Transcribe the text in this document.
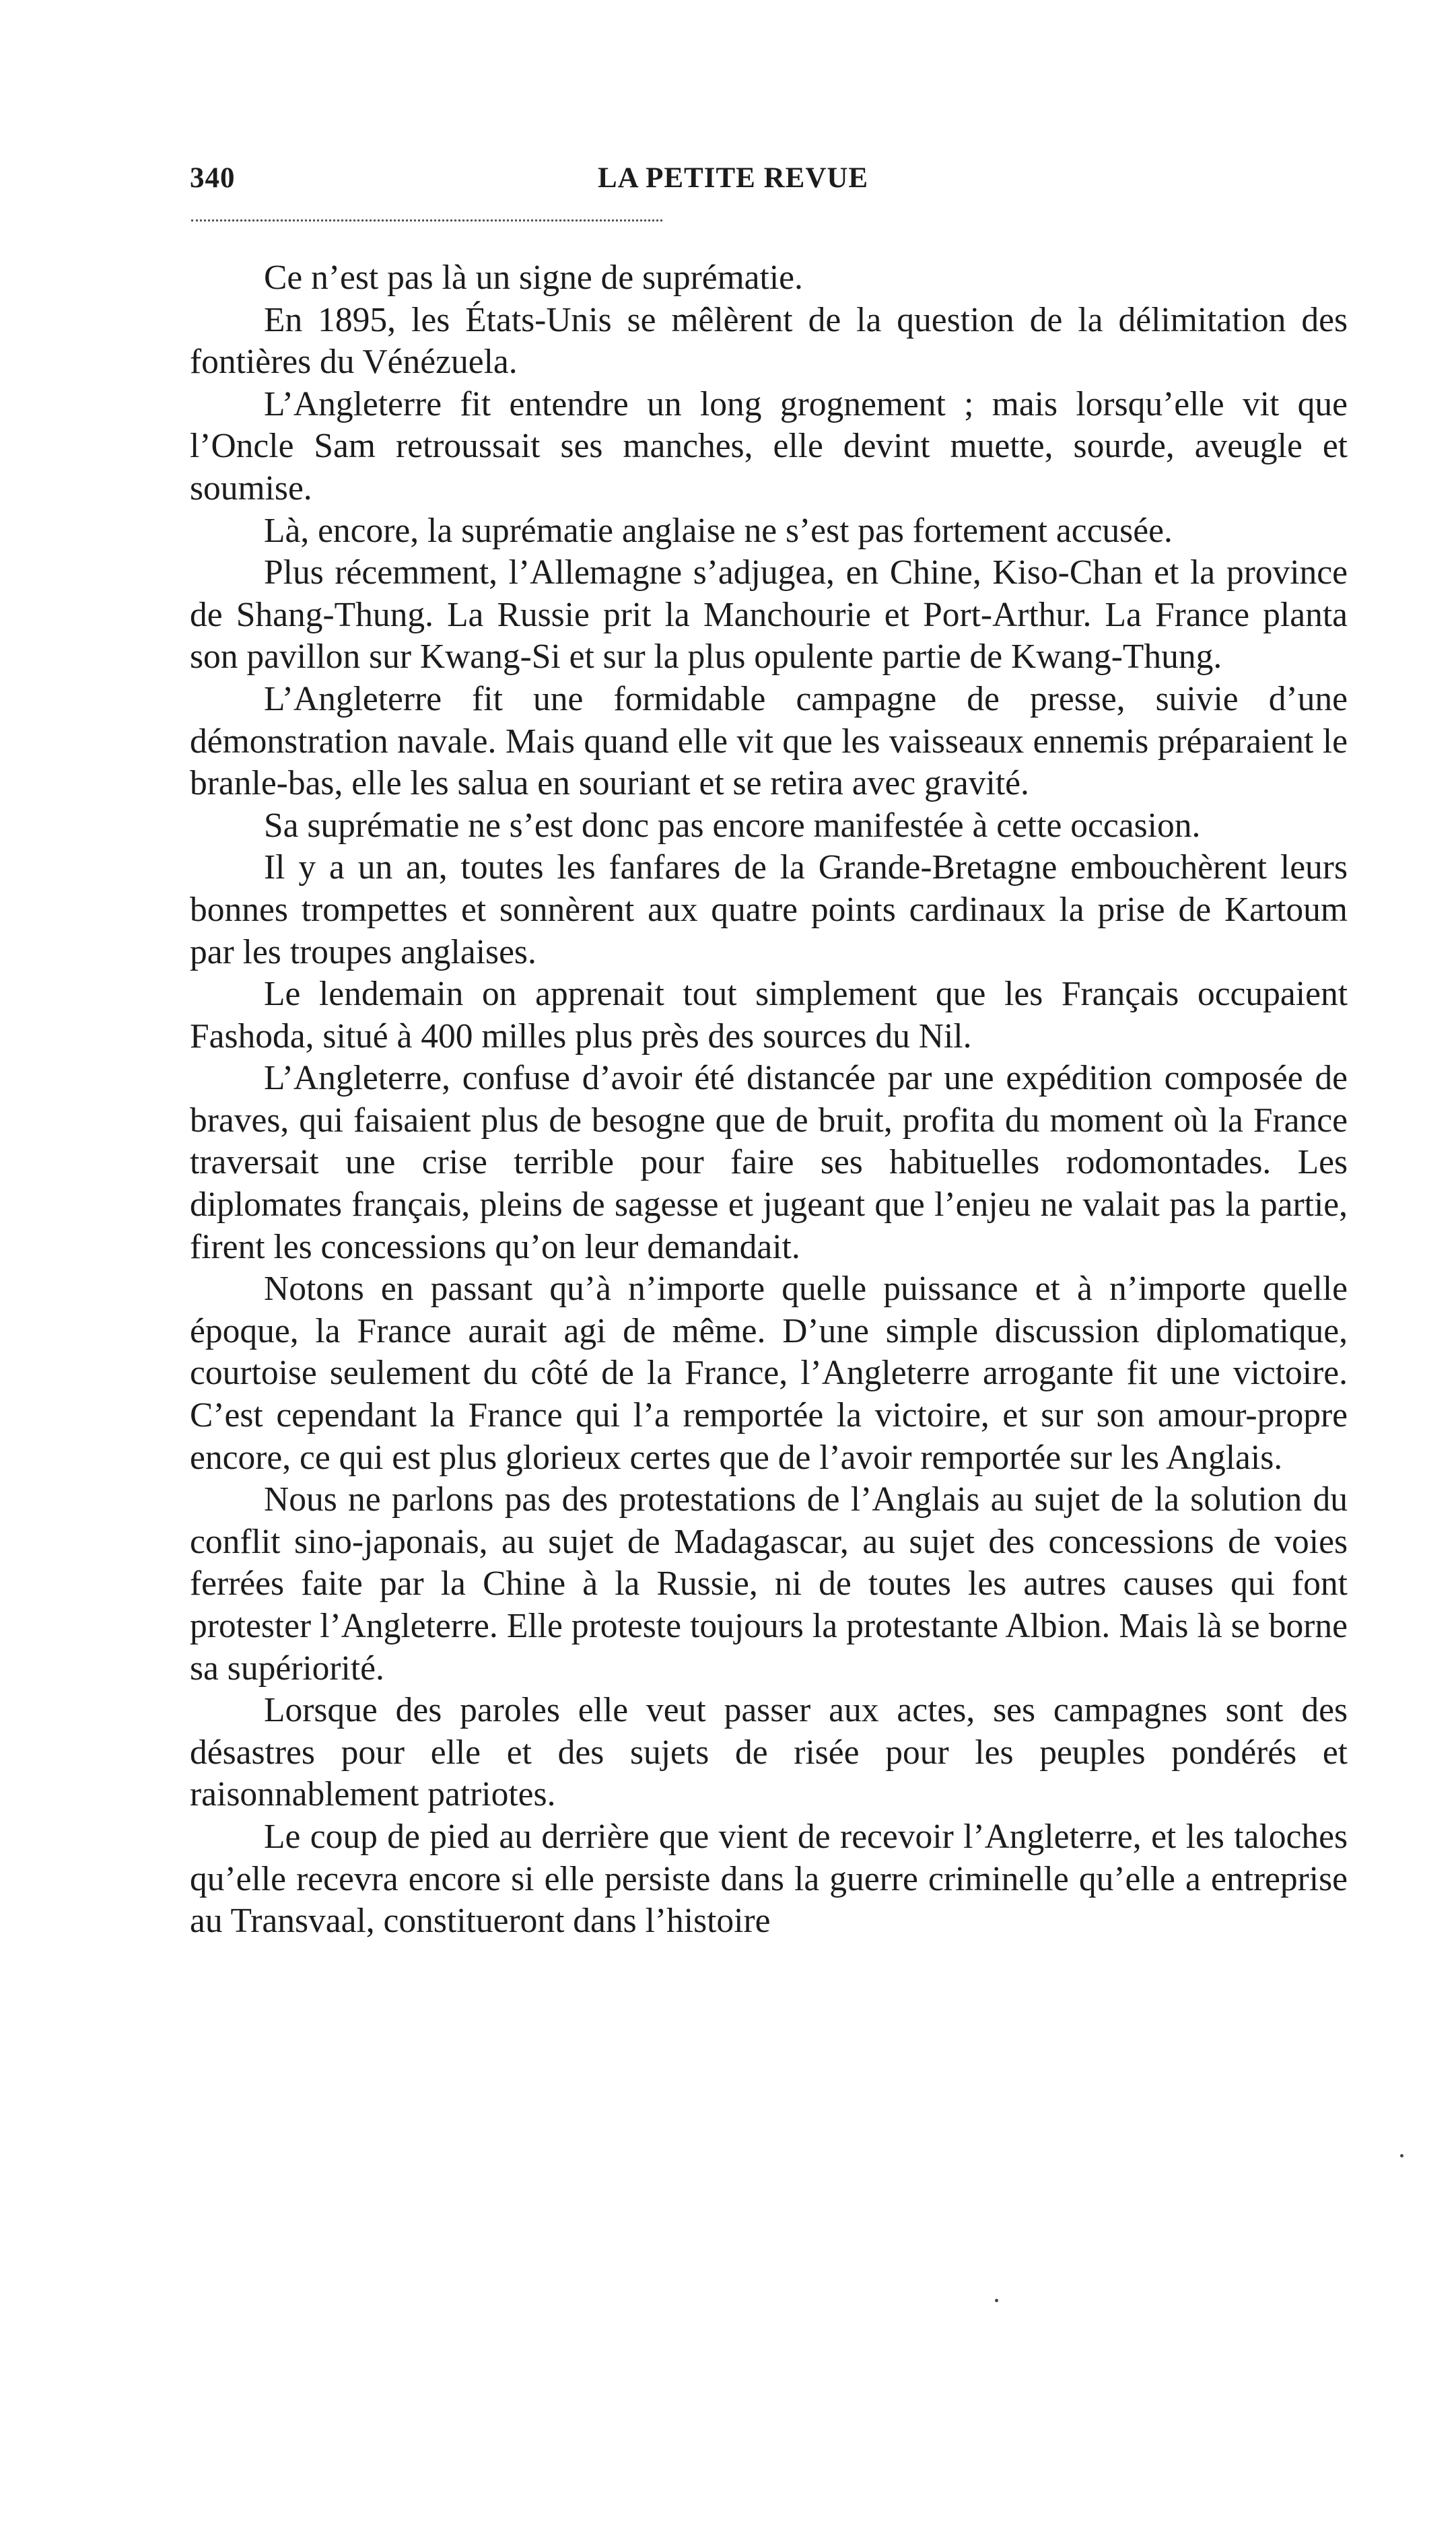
340	LA PETITE REVUE

Ce n’est pas là un signe de suprématie.

En 1895, les États-Unis se mêlèrent de la question de la délimitation des fontières du Vénézuela.

L’Angleterre fit entendre un long grognement ; mais lorsqu’elle vit que l’Oncle Sam retroussait ses manches, elle devint muette, sourde, aveugle et soumise.

Là, encore, la suprématie anglaise ne s’est pas fortement accusée.

Plus récemment, l’Allemagne s’adjugea, en Chine, Kiso-Chan et la province de Shang-Thung. La Russie prit la Manchourie et Port-Arthur. La France planta son pavillon sur Kwang-Si et sur la plus opulente partie de Kwang-Thung.

L’Angleterre fit une formidable campagne de presse, suivie d’une démonstration navale. Mais quand elle vit que les vaisseaux ennemis préparaient le branle-bas, elle les salua en souriant et se retira avec gravité.

Sa suprématie ne s’est donc pas encore manifestée à cette occasion.

Il y a un an, toutes les fanfares de la Grande-Bretagne embouchèrent leurs bonnes trompettes et sonnèrent aux quatre points cardinaux la prise de Kartoum par les troupes anglaises.

Le lendemain on apprenait tout simplement que les Français occupaient Fashoda, situé à 400 milles plus près des sources du Nil.

L’Angleterre, confuse d’avoir été distancée par une expédition composée de braves, qui faisaient plus de besogne que de bruit, profita du moment où la France traversait une crise terrible pour faire ses habituelles rodomontades. Les diplomates français, pleins de sagesse et jugeant que l’enjeu ne valait pas la partie, firent les concessions qu’on leur demandait.

Notons en passant qu’à n’importe quelle puissance et à n’importe quelle époque, la France aurait agi de même. D’une simple discussion diplomatique, courtoise seulement du côté de la France, l’Angleterre arrogante fit une victoire. C’est cependant la France qui l’a remportée la victoire, et sur son amour-propre encore, ce qui est plus glorieux certes que de l’avoir remportée sur les Anglais.

Nous ne parlons pas des protestations de l’Anglais au sujet de la solution du conflit sino-japonais, au sujet de Madagascar, au sujet des concessions de voies ferrées faite par la Chine à la Russie, ni de toutes les autres causes qui font protester l’Angleterre. Elle proteste toujours la protestante Albion. Mais là se borne sa supériorité.

Lorsque des paroles elle veut passer aux actes, ses campagnes sont des désastres pour elle et des sujets de risée pour les peuples pondérés et raisonnablement patriotes.

Le coup de pied au derrière que vient de recevoir l’Angleterre, et les taloches qu’elle recevra encore si elle persiste dans la guerre criminelle qu’elle a entreprise au Transvaal, constitueront dans l’histoire
